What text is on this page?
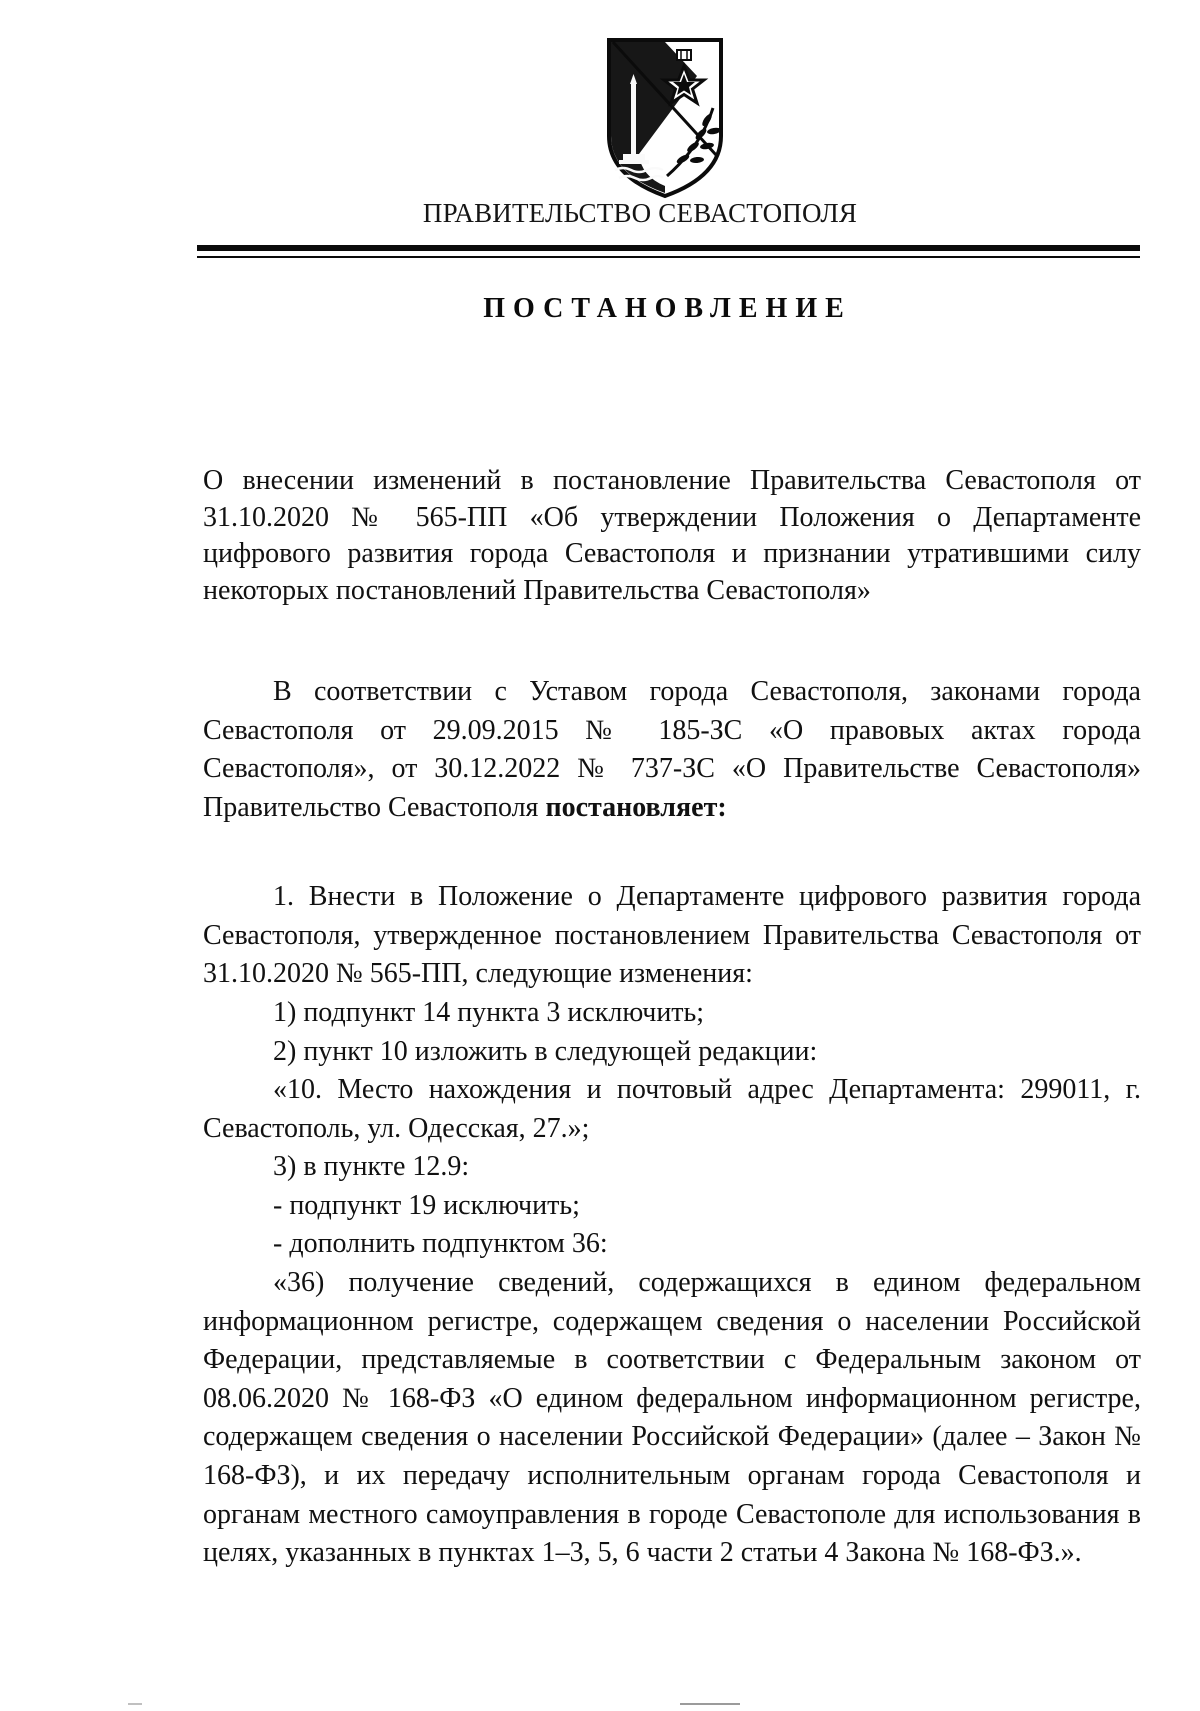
ПРАВИТЕЛЬСТВО СЕВАСТОПОЛЯ
ПОСТАНОВЛЕНИЕ
О внесении изменений в постановление Правительства Севастополя от 31.10.2020 № 565-ПП «Об утверждении Положения о Департаменте цифрового развития города Севастополя и признании утратившими силу некоторых постановлений Правительства Севастополя»
В соответствии с Уставом города Севастополя, законами города Севастополя от 29.09.2015 № 185-ЗС «О правовых актах города Севастополя», от 30.12.2022 № 737-ЗС «О Правительстве Севастополя» Правительство Севастополя постановляет:
1. Внести в Положение о Департаменте цифрового развития города Севастополя, утвержденное постановлением Правительства Севастополя от 31.10.2020 № 565-ПП, следующие изменения:
1) подпункт 14 пункта 3 исключить;
2) пункт 10 изложить в следующей редакции:
«10. Место нахождения и почтовый адрес Департамента: 299011, г. Севастополь, ул. Одесская, 27.»;
3) в пункте 12.9:
- подпункт 19 исключить;
- дополнить подпунктом 36:
«36) получение сведений, содержащихся в едином федеральном информационном регистре, содержащем сведения о населении Российской Федерации, представляемые в соответствии с Федеральным законом от 08.06.2020 № 168-ФЗ «О едином федеральном информационном регистре, содержащем сведения о населении Российской Федерации» (далее – Закон № 168-ФЗ), и их передачу исполнительным органам города Севастополя и органам местного самоуправления в городе Севастополе для использования в целях, указанных в пунктах 1–3, 5, 6 части 2 статьи 4 Закона № 168-ФЗ.».
